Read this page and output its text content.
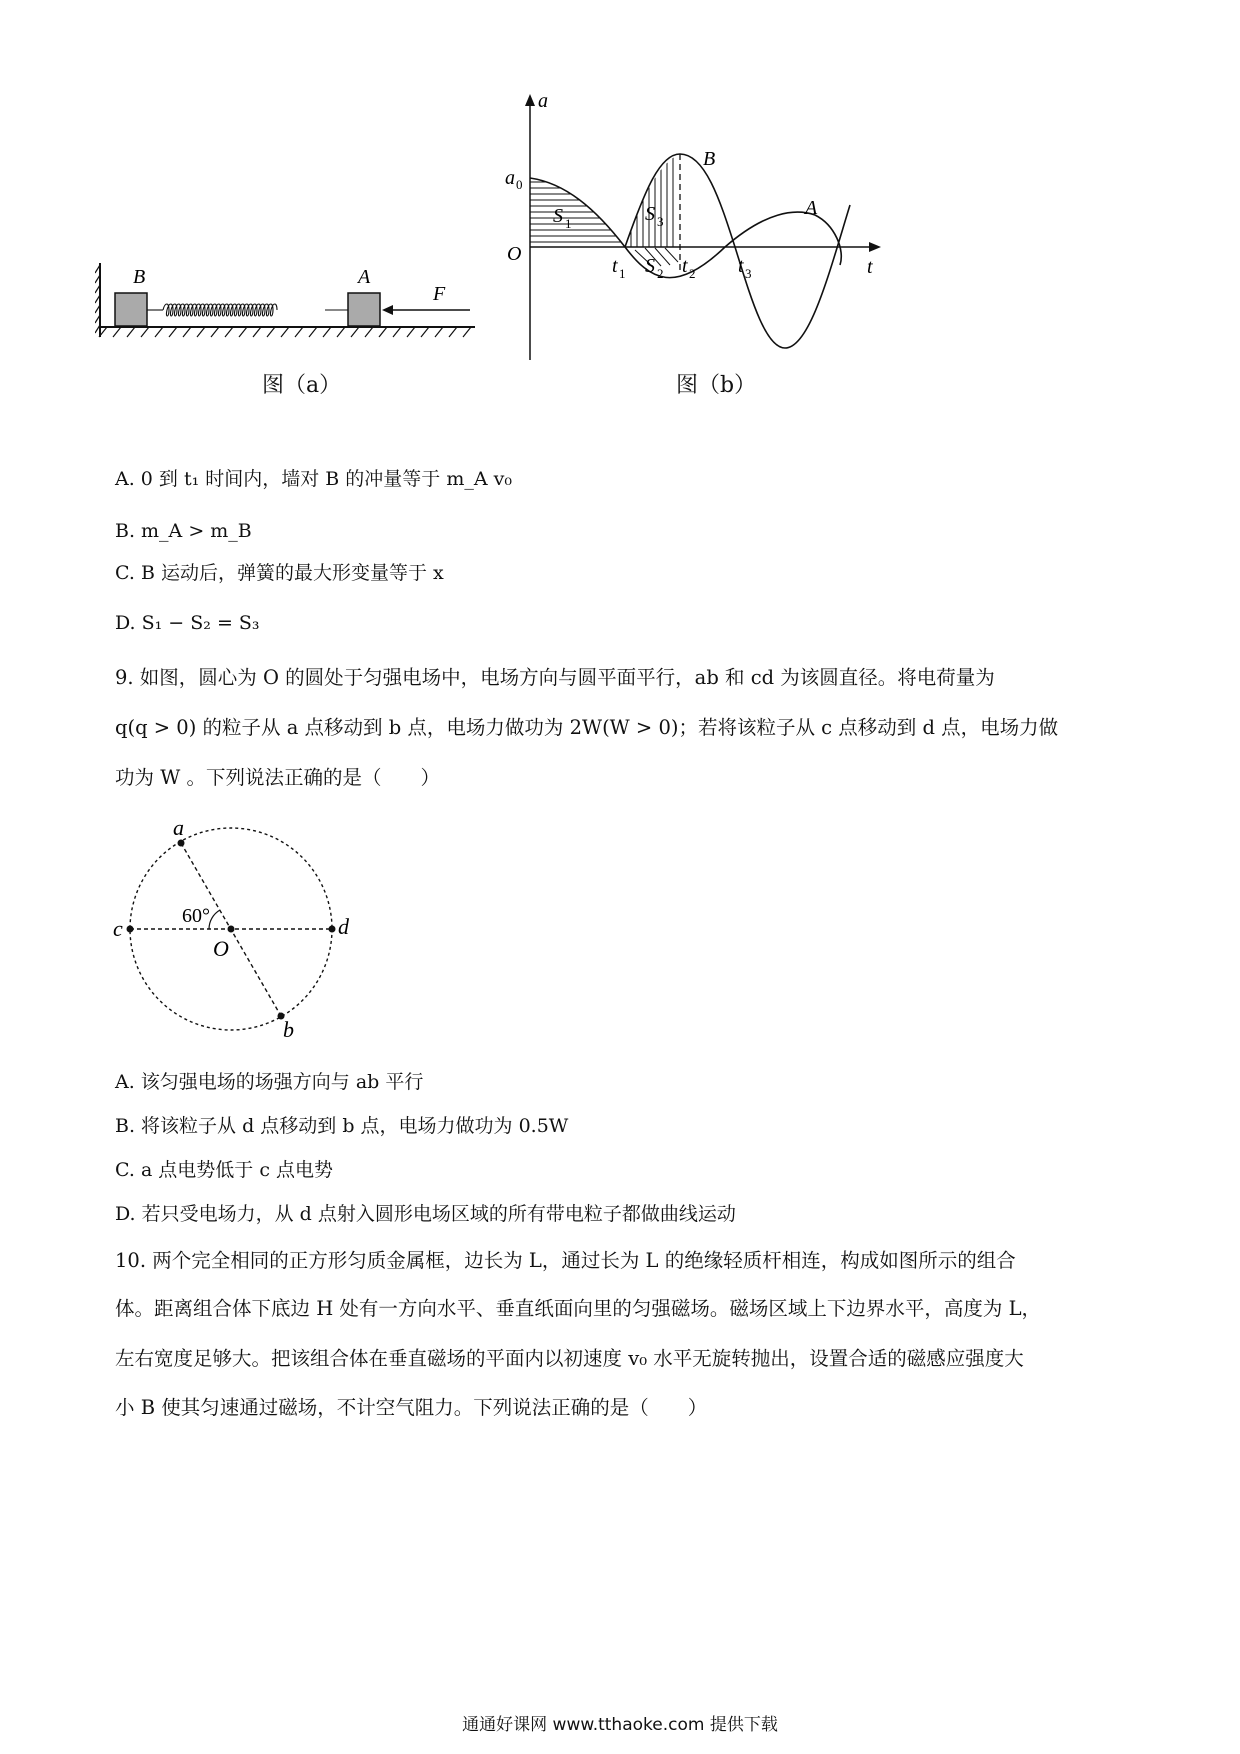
B	A
F
图（a）
a
t
O
a 0
A
B
S 1	S 3
S 2
t 1	t 2 t 3
图（b）
A. 0 到 t₁ 时间内，墙对 B 的冲量等于 m_A v₀
B. m_A > m_B
C. B 运动后，弹簧的最大形变量等于 x
D. S₁ − S₂ = S₃
9. 如图，圆心为 O 的圆处于匀强电场中，电场方向与圆平面平行，ab 和 cd 为该圆直径。将电荷量为
q(q > 0) 的粒子从 a 点移动到 b 点，电场力做功为 2W(W > 0)；若将该粒子从 c 点移动到 d 点，电场力做
功为 W 。下列说法正确的是（　　）
a
b
c	d
O
60°
A. 该匀强电场的场强方向与 ab 平行
B. 将该粒子从 d 点移动到 b 点，电场力做功为 0.5W
C. a 点电势低于 c 点电势
D. 若只受电场力，从 d 点射入圆形电场区域的所有带电粒子都做曲线运动
10. 两个完全相同的正方形匀质金属框，边长为 L，通过长为 L 的绝缘轻质杆相连，构成如图所示的组合
体。距离组合体下底边 H 处有一方向水平、垂直纸面向里的匀强磁场。磁场区域上下边界水平，高度为 L，
左右宽度足够大。把该组合体在垂直磁场的平面内以初速度 v₀ 水平无旋转抛出，设置合适的磁感应强度大
小 B 使其匀速通过磁场，不计空气阻力。下列说法正确的是（　　）
通通好课网 www.tthaoke.com 提供下载
